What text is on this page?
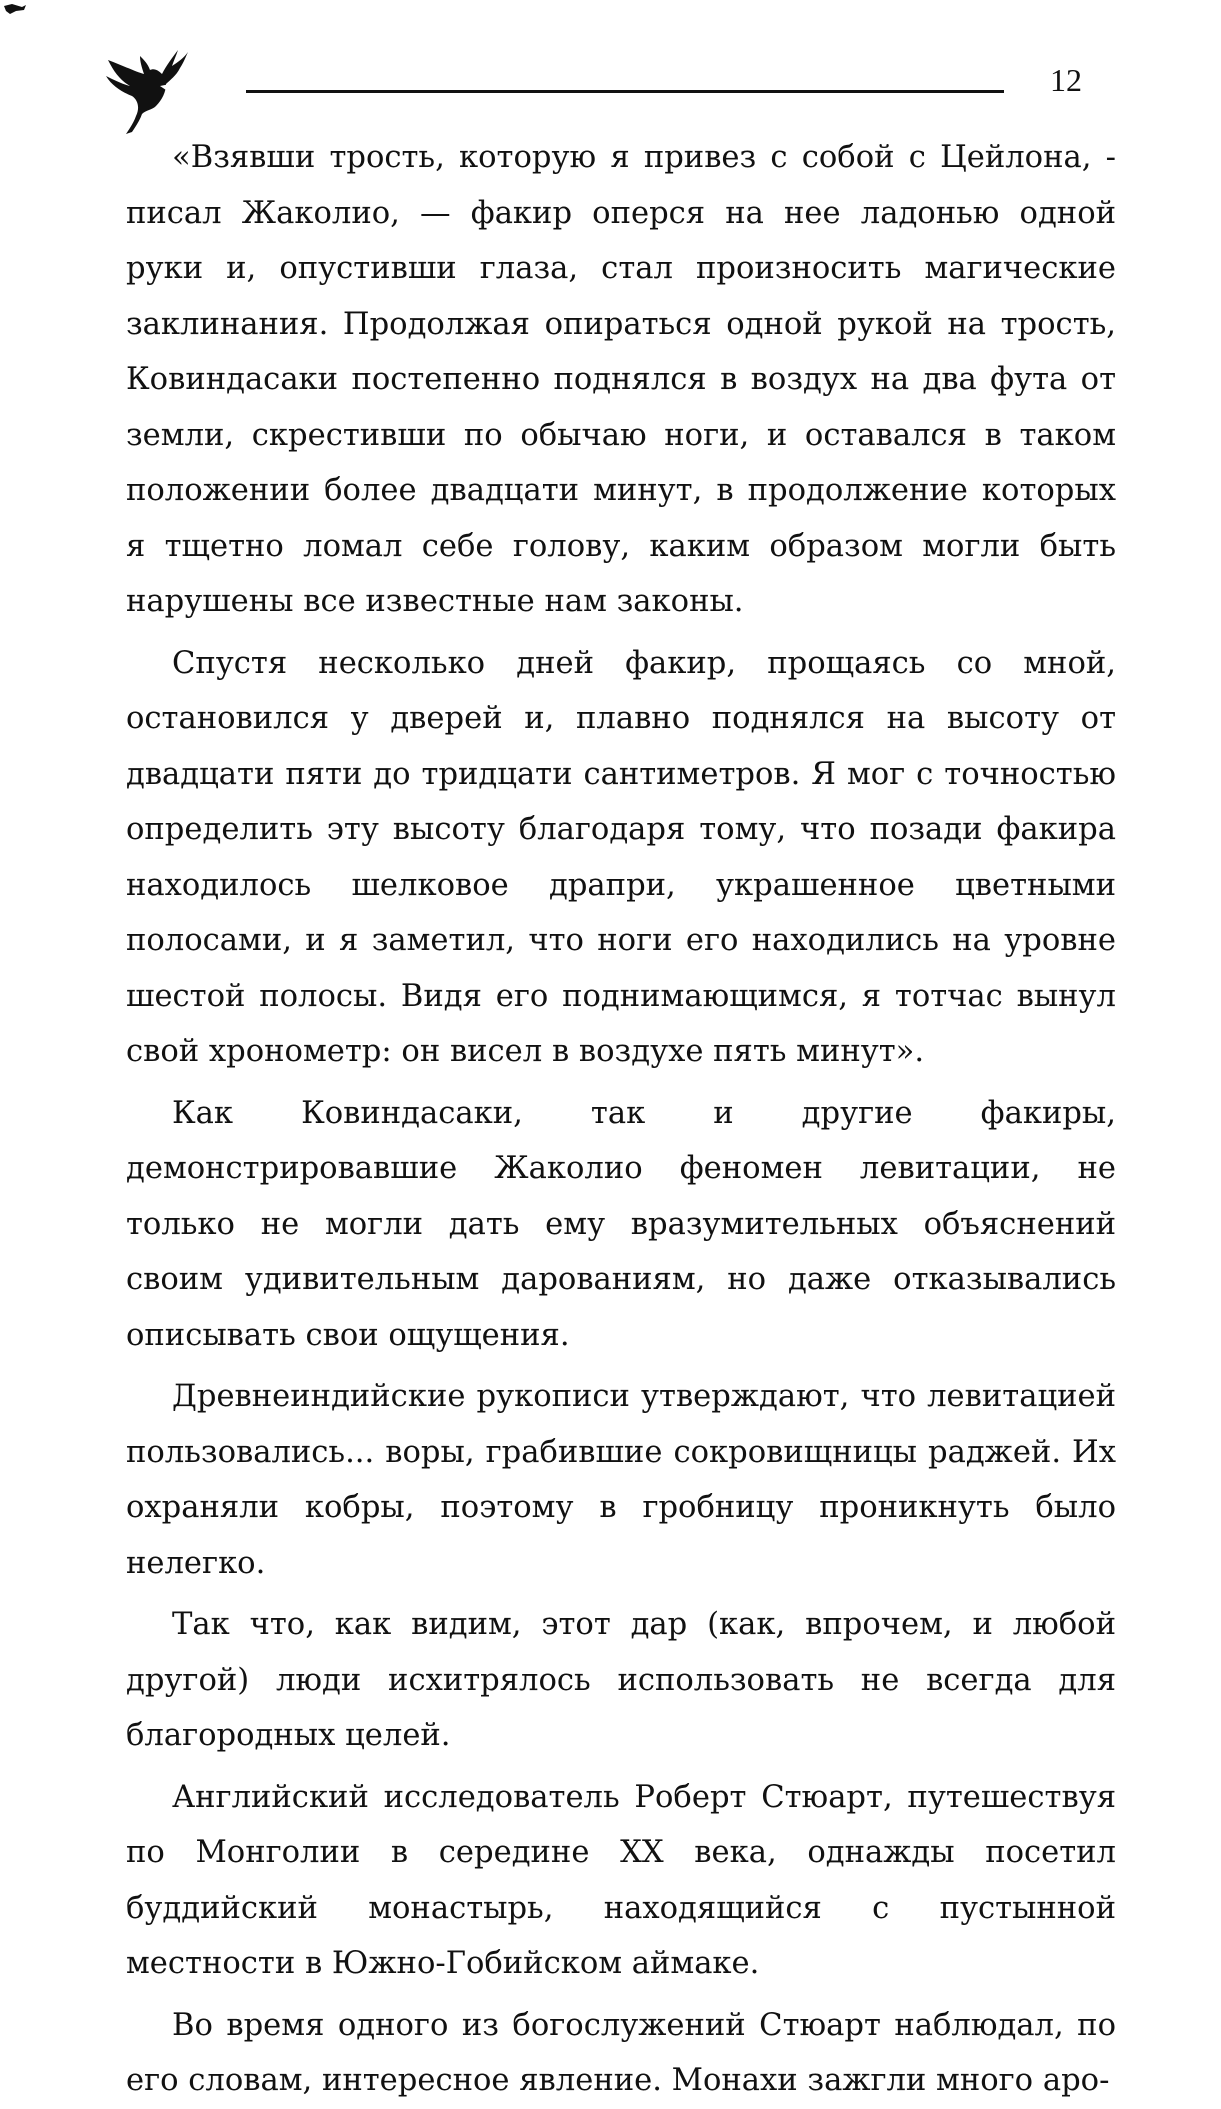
12

«Взявши трость, которую я привез с собой с Цейлона, - писал Жаколио, — факир оперся на нее ладонью одной руки и, опустивши глаза, стал произносить магические заклинания. Продолжая опираться одной рукой на трость, Ковиндасаки постепенно поднялся в воздух на два фута от земли, скрестивши по обычаю ноги, и оставался в таком положении более двадцати минут, в продолжение которых я тщетно ломал себе голову, каким образом могли быть нарушены все известные нам законы.

Спустя несколько дней факир, прощаясь со мной, остановился у дверей и, плавно поднялся на высоту от двадцати пяти до тридцати сантиметров. Я мог с точностью определить эту высоту благодаря тому, что позади факира находилось шелковое драпри, украшенное цветными полосами, и я заметил, что ноги его находились на уровне шестой полосы. Видя его поднимающимся, я тотчас вынул свой хронометр: он висел в воздухе пять минут».

Как Ковиндасаки, так и другие факиры, демонстрировавшие Жаколио феномен левитации, не только не могли дать ему вразумительных объяснений своим удивительным дарованиям, но даже отказывались описывать свои ощущения.

Древнеиндийские рукописи утверждают, что левитацией пользовались... воры, грабившие сокровищницы раджей. Их охраняли кобры, поэтому в гробницу проникнуть было нелегко.

Так что, как видим, этот дар (как, впрочем, и любой другой) люди исхитрялось использовать не всегда для благородных целей.

Английский исследователь Роберт Стюарт, путешествуя по Монголии в середине XX века, однажды посетил буддийский монастырь, находящийся с пустынной местности в Южно-Гобийском аймаке.

Во время одного из богослужений Стюарт наблюдал, по его словам, интересное явление. Монахи зажгли много аро-
